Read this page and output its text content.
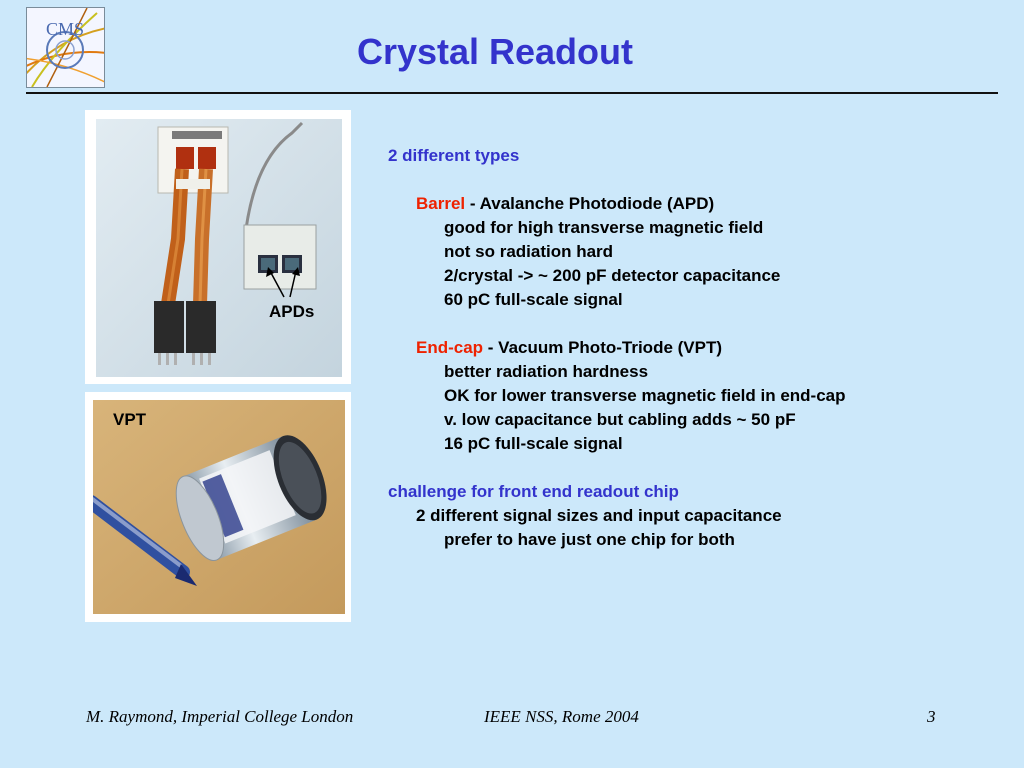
CMS
Crystal Readout
APDs
VPT
2 different types
Barrel - Avalanche Photodiode (APD)
good for high transverse magnetic field
not so radiation hard
2/crystal -> ~ 200 pF detector capacitance
60 pC full-scale signal
End-cap - Vacuum Photo-Triode (VPT)
better radiation hardness
OK for lower transverse magnetic field in end-cap
v. low capacitance but cabling adds ~ 50 pF
16 pC full-scale signal
challenge for front end readout chip
2 different signal sizes and input capacitance
prefer to have just one chip for both
M. Raymond, Imperial College London	IEEE NSS, Rome 2004	3
